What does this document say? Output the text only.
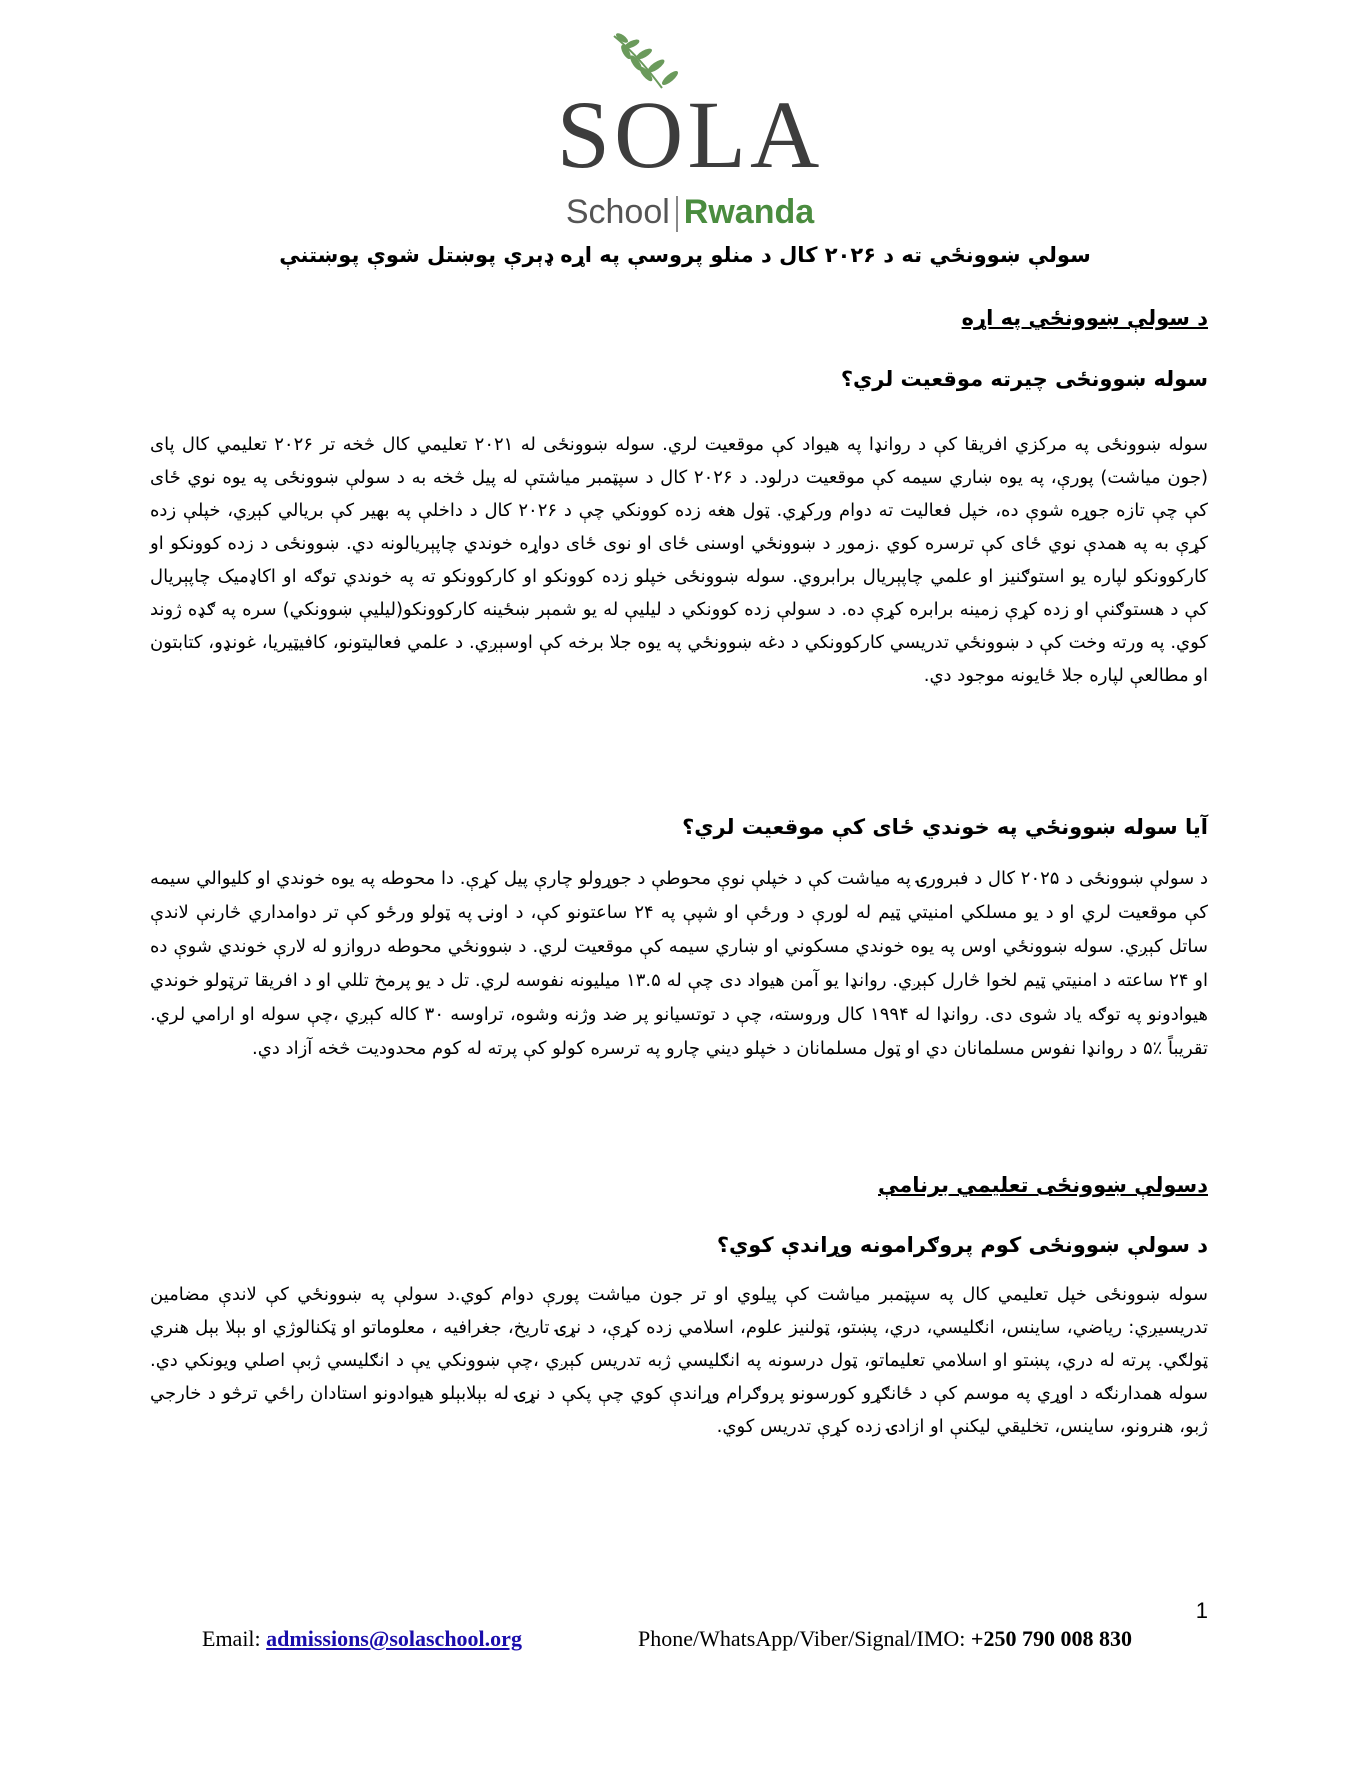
SOLA
School Rwanda
سولې ښوونځي ته د ۲۰۲۶ کال د منلو پروسې په اړه ډېرې پوښتل شوې پوښتنې
د سولې ښوونځي په اړه
سوله ښوونځی چیرته موقعیت لري؟
سوله ښوونځی په مرکزي افریقا کې د روانډا په هیواد کې موقعیت لري. سوله ښوونځی له ۲۰۲۱ تعلیمي کال څخه تر ۲۰۲۶ تعلیمي کال پای (جون میاشت) پورې، په یوه ښاري سیمه کې موقعیت درلود. د ۲۰۲۶ کال د سپټمبر میاشتې له پیل څخه به د سولې ښوونځی په یوه نوي ځای کې چې تازه جوړه شوې ده، خپل فعالیت ته دوام ورکړي. ټول هغه زده کوونکي چې د ۲۰۲۶ کال د داخلې په بهیر کې بریالي کېږي، خپلې زده کړې به په همدې نوي ځای کې ترسره کوي .زموږ د ښوونځي اوسنی ځای او نوی ځای دواړه خوندي چاپېریالونه دي. ښوونځی د زده کوونکو او کارکوونکو لپاره یو استوګنیز او علمي چاپېریال برابروي. سوله ښوونځی خپلو زده کوونکو او کارکوونکو ته په خوندي توګه او اکاډمیک چاپېریال کې د هستوګنې او زده کړې زمینه برابره کړې ده. د سولې زده کوونکي د لیلیې له یو شمېر ښځینه کارکوونکو(لیلیې ښوونکي) سره په ګډه ژوند کوي. په ورته وخت کې د ښوونځي تدریسي کارکوونکي د دغه ښوونځي په یوه جلا برخه کې اوسېږي. د علمي فعالیتونو، کافیټیریا، غونډو، کتابتون او مطالعې لپاره جلا ځایونه موجود دي.
آیا سوله ښوونځي په خوندي ځای کې موقعیت لري؟
د سولې ښوونځی د ۲۰۲۵ کال د فبرورۍ په میاشت کې د خپلې نوې محوطې د جوړولو چارې پیل کړې. دا محوطه په یوه خوندي او کلیوالي سیمه کې موقعیت لري او د یو مسلکي امنیتي ټیم له لورې د ورځې او شپې په ۲۴ ساعتونو کې، د اونۍ په ټولو ورځو کې تر دوامداري څارنې لاندې ساتل کېږي. سوله ښوونځي اوس په یوه خوندي مسکوني او ښاري سیمه کې موقعیت لري. د ښوونځي محوطه دروازو له لارې خوندي شوې ده او ۲۴ ساعته د امنیتي ټیم لخوا څارل کېږي. روانډا یو آمن هیواد دی چې له ۱۳.۵ میلیونه نفوسه لري. تل د یو پرمخ تللي او د افریقا ترټولو خوندي هیوادونو په توګه یاد شوی دی. روانډا له ۱۹۹۴ کال وروسته، چې د توتسیانو پر ضد وژنه وشوه، تراوسه ۳۰ کاله کېږي ،چې سوله او ارامي لري. تقریباً ٪۵ د روانډا نفوس مسلمانان دي او ټول مسلمانان د خپلو دیني چارو په ترسره کولو کې پرته له کوم محدودیت څخه آزاد دي.
دسولې ښوونځی تعلیمي برنامې
د سولې ښوونځی کوم پروګرامونه وړاندې کوي؟
سوله ښوونځی خپل تعلیمي کال په سپټمبر میاشت کې پیلوي او تر جون میاشت پورې دوام کوي.د سولې په ښوونځي کې لاندې مضامین تدریسیږي: ریاضي، ساینس، انګلیسي، دري، پښتو، ټولنیز علوم، اسلامي زده کړې، د نړۍ تاریخ، جغرافیه ، معلوماتو او ټکنالوژي او بېلا بېل هنري ټولګي. پرته له دري، پښتو او اسلامي تعلیماتو، ټول درسونه په انګلیسي ژبه تدریس کېږي ،چې ښوونکي یې د انګلیسي ژبې اصلي ویونکي دي. سوله همدارنګه د اوړي په موسم کې د ځانګړو کورسونو پروګرام وړاندې کوي چې پکې د نړۍ له بېلابېلو هیوادونو استادان راځي ترڅو د خارجي ژبو، هنرونو، ساینس، تخلیقي لیکنې او ازادۍ زده کړې تدریس کوي.
1
Email: admissions@solaschool.org	Phone/WhatsApp/Viber/Signal/IMO: +250 790 008 830
